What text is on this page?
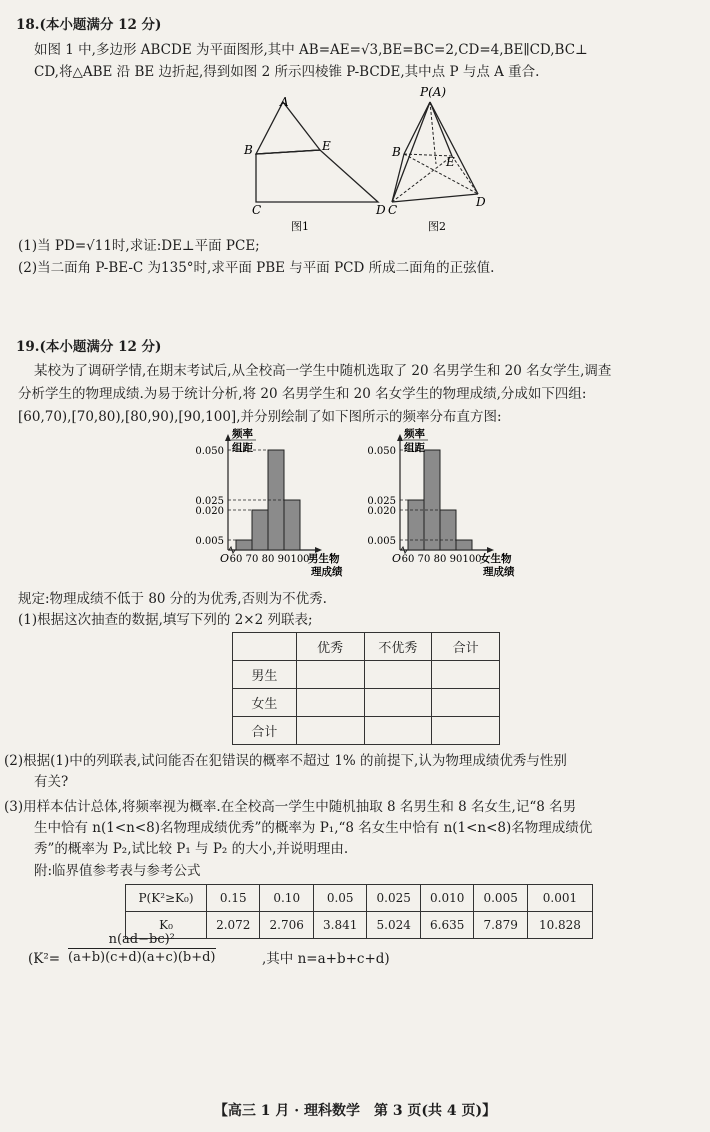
18.(本小题满分 12 分)
如图 1 中,多边形 ABCDE 为平面图形,其中 AB=AE=√3,BE=BC=2,CD=4,BE∥CD,BC⊥
CD,将△ABE 沿 BE 边折起,得到如图 2 所示四棱锥 P-BCDE,其中点 P 与点 A 重合.
A
B	E
C	D
图1
P(A)
B
E
C
D
图2
(1)当 PD=√11时,求证:DE⊥平面 PCE;
(2)当二面角 P-BE-C 为135°时,求平面 PBE 与平面 PCD 所成二面角的正弦值.
19.(本小题满分 12 分)
某校为了调研学情,在期末考试后,从全校高一学生中随机选取了 20 名男学生和 20 名女学生,调查
分析学生的物理成绩.为易于统计分析,将 20 名男学生和 20 名女学生的物理成绩,分成如下四组:
[60,70),[70,80),[80,90),[90,100],并分别绘制了如下图所示的频率分布直方图:
0.050
0.025
0.020
0.005
60 70 80 90 100
O
频率
组距
男生物
理成绩
0.050
0.025
0.020
0.005
60 70 80 90 100
O
频率
组距
女生物
理成绩
规定:物理成绩不低于 80 分的为优秀,否则为不优秀.
(1)根据这次抽查的数据,填写下列的 2×2 列联表;
	优秀	不优秀	合计
男生			
女生			
合计			
(2)根据(1)中的列联表,试问能否在犯错误的概率不超过 1% 的前提下,认为物理成绩优秀与性别
有关?
(3)用样本估计总体,将频率视为概率.在全校高一学生中随机抽取 8 名男生和 8 名女生,记“8 名男
生中恰有 n(1<n<8)名物理成绩优秀”的概率为 P₁,“8 名女生中恰有 n(1<n<8)名物理成绩优
秀”的概率为 P₂,试比较 P₁ 与 P₂ 的大小,并说明理由.
附:临界值参考表与参考公式
P(K²≥K₀)	0.15	0.10	0.05	0.025	0.010	0.005	0.001
K₀	2.072	2.706	3.841	5.024	6.635	7.879	10.828
($K^2= \frac{\text{n(ad−bc)²}}{(a+b)(c+d)(a+c)(b+d)}$	,其中 n=a+b+c+d)
【高三 1 月 · 理科数学　第 3 页(共 4 页)】
